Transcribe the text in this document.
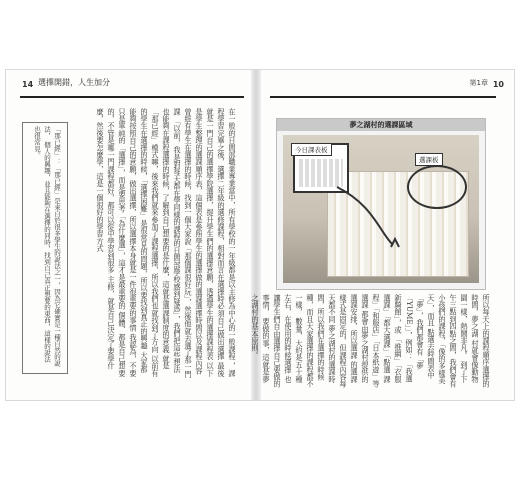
14 選擇開錯，人生加分	第1章 10
在一般的日間部職業專業當中，所有學校的一年級都是以主修為中心的一般課程 ，課程學習完畢之後，選擇二年級的選修課程，相對而言在選擇時必須自己做出選擇 最後就是一門自己的選擇學院選擇，提升學生們的選擇意願，透過學生的選擇課程表 以下是學生整理的選課順序表，這個表是參照學生的選擇做的選課選擇時間以及課程內容 曾經有學生在選擇的時候，找到一個大家說「那個課很好玩」，然後他就去選了那一門課 「以前，我是對每天都在學同樣的課程的日間部學校感到疑惑」，我們把這些想法 也能夠在課程選擇的時候，了解到自己想要的是什麼，這就是選課制度的意義 就是「那已經」模式嘛，後來我們就來參加了課程選擇，所以我們也就找到了方向 以前有的學生在選擇的時候，「選擇困難」是很常見的問題，所以要找到真正的興趣 大家都能夠按照自己的意願，做出選擇，所以選擇本身就是一件很重要的事情 我認為，不要只是單純的「選擇」，而是要思考「為什麼選」，這才是最重要的 個體、都是自己想要的，不管是哪一門課程都好，都可以從中學習到很多 主修，就是自己決定了要學什麼，然後要怎麼學，這是一個很好的學習方式
「那已經」：「那已經」是來自於很多學生的說法之一，因為它確實是一種自然的說法， 個人的興趣，並且能夠在選擇的同時，找到自己真正想要的東西，這樣的說法也很常見。
夢之湖村的選課區域
今日課表板
選課板
所以每天上的課程順序選擇的時間，夢之湖 村就會像動物園一樣，熱鬧非凡。 到了下午三點到四點之間，我們會有 小孩們的課程，「像的多樣美天」，而且 點選去時間表中「夢」，我們都會有「夢 「YUME」」，例如：「我選新騎館」，或 「推網」「衣服選課」「都大選課」「點選 課程」「和服店」「日本紙遊」等選課 都會由夢之湖村提供的選課安排，所以選課 的選課樣式是固定的，但課程內容每天都不同 夢之湖村的選課時間，所以我們在選擇的時候 種，而且大家選擇的課程都不一樣， 數量，大約是五十種左右，在使用的時候選擇 也讓學生們自由選擇自己要做的事情， 要做的事，這就是夢之湖村的基本原則。
